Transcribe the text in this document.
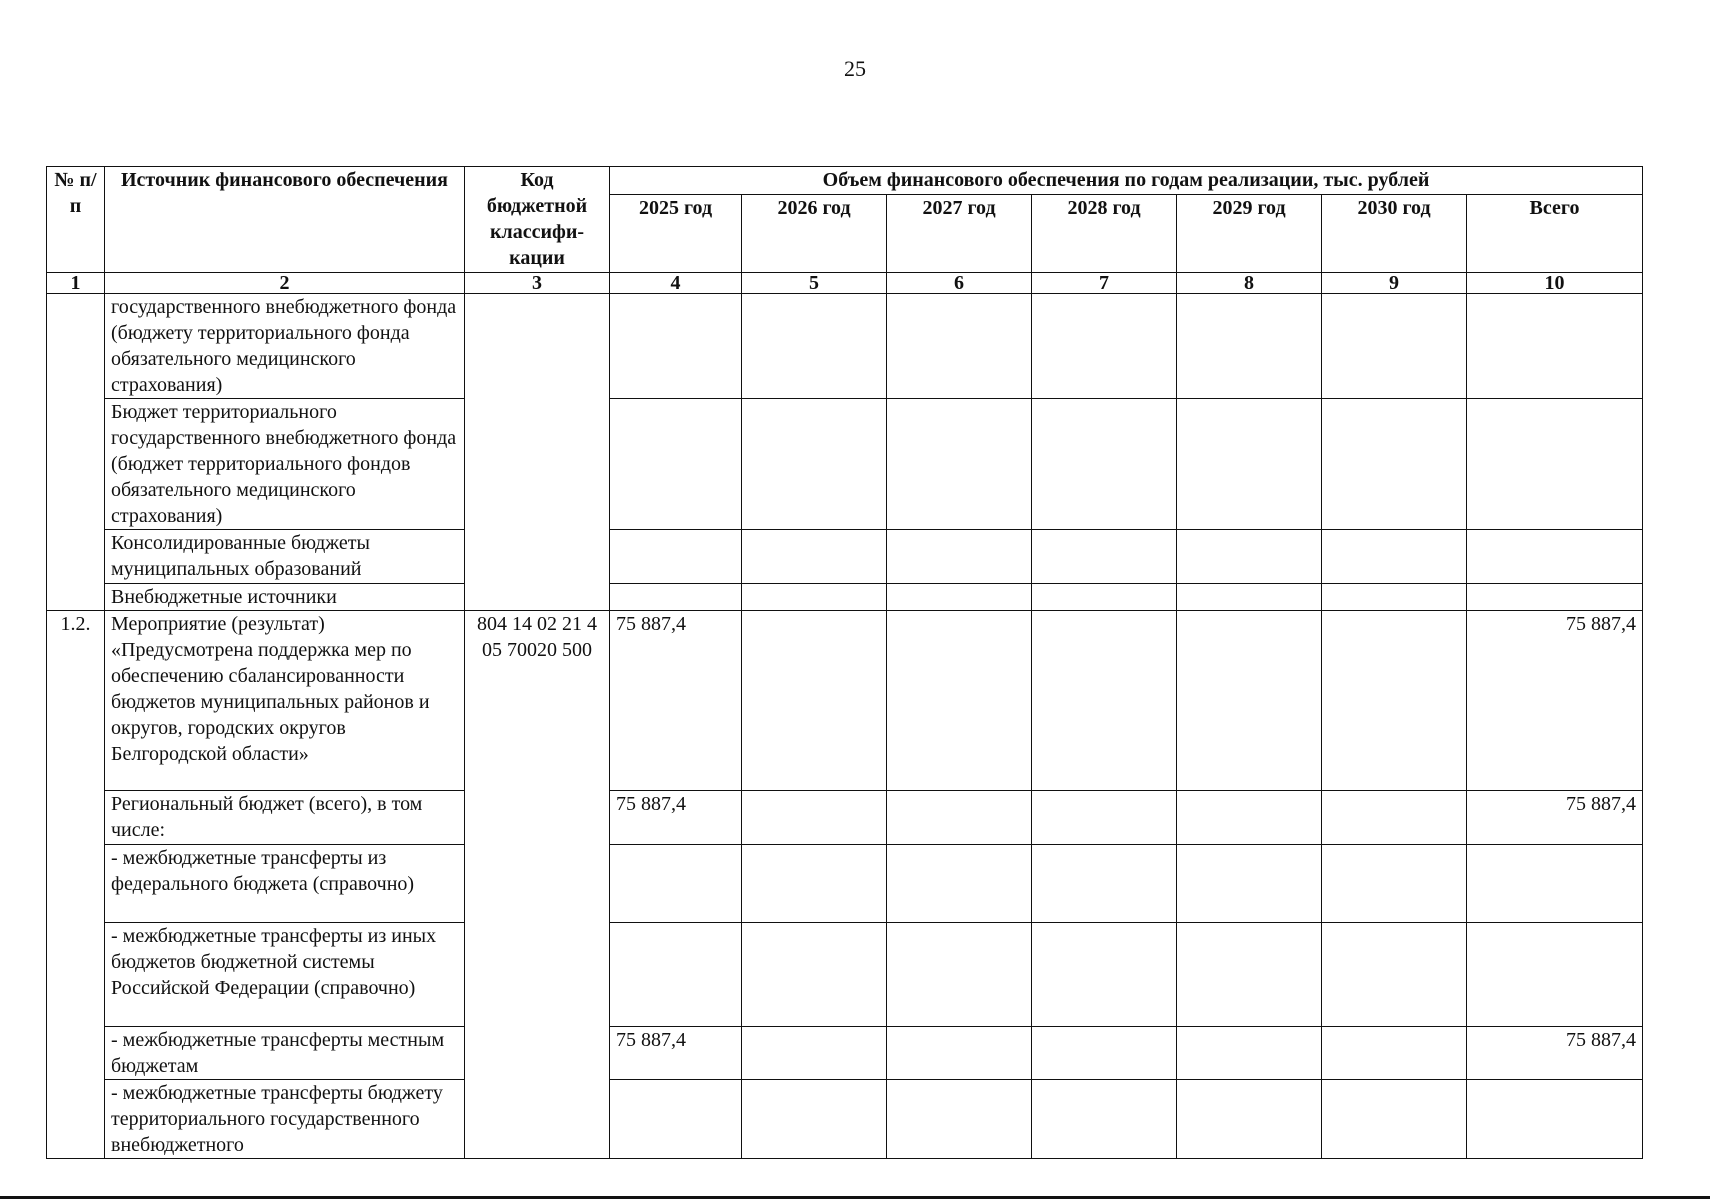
25
№ п/п	Источник финансового обеспечения	Код бюджетной классифи-кации	Объем финансового обеспечения по годам реализации, тыс. рублей						
			2025 год	2026 год	2027 год	2028 год	2029 год	2030 год	Всего
1	2	3	4	5	6	7	8	9	10
	государственного внебюджетного фонда (бюджету территориального фонда обязательного медицинского страхования)								
	Бюджет территориального государственного внебюджетного фонда (бюджет территориального фондов обязательного медицинского страхования)								
	Консолидированные бюджеты муниципальных образований								
	Внебюджетные источники								
1.2.	Мероприятие (результат) «Предусмотрена поддержка мер по обеспечению сбалансированности бюджетов муниципальных районов и округов, городских округов Белгородской области»	804 14 02 21 4 05 70020 500	75 887,4						75 887,4
	Региональный бюджет (всего), в том числе:		75 887,4						75 887,4
	- межбюджетные трансферты из федерального бюджета (справочно)								
	- межбюджетные трансферты из иных бюджетов бюджетной системы Российской Федерации (справочно)								
	- межбюджетные трансферты местным бюджетам		75 887,4						75 887,4
	- межбюджетные трансферты бюджету территориального государственного внебюджетного								
